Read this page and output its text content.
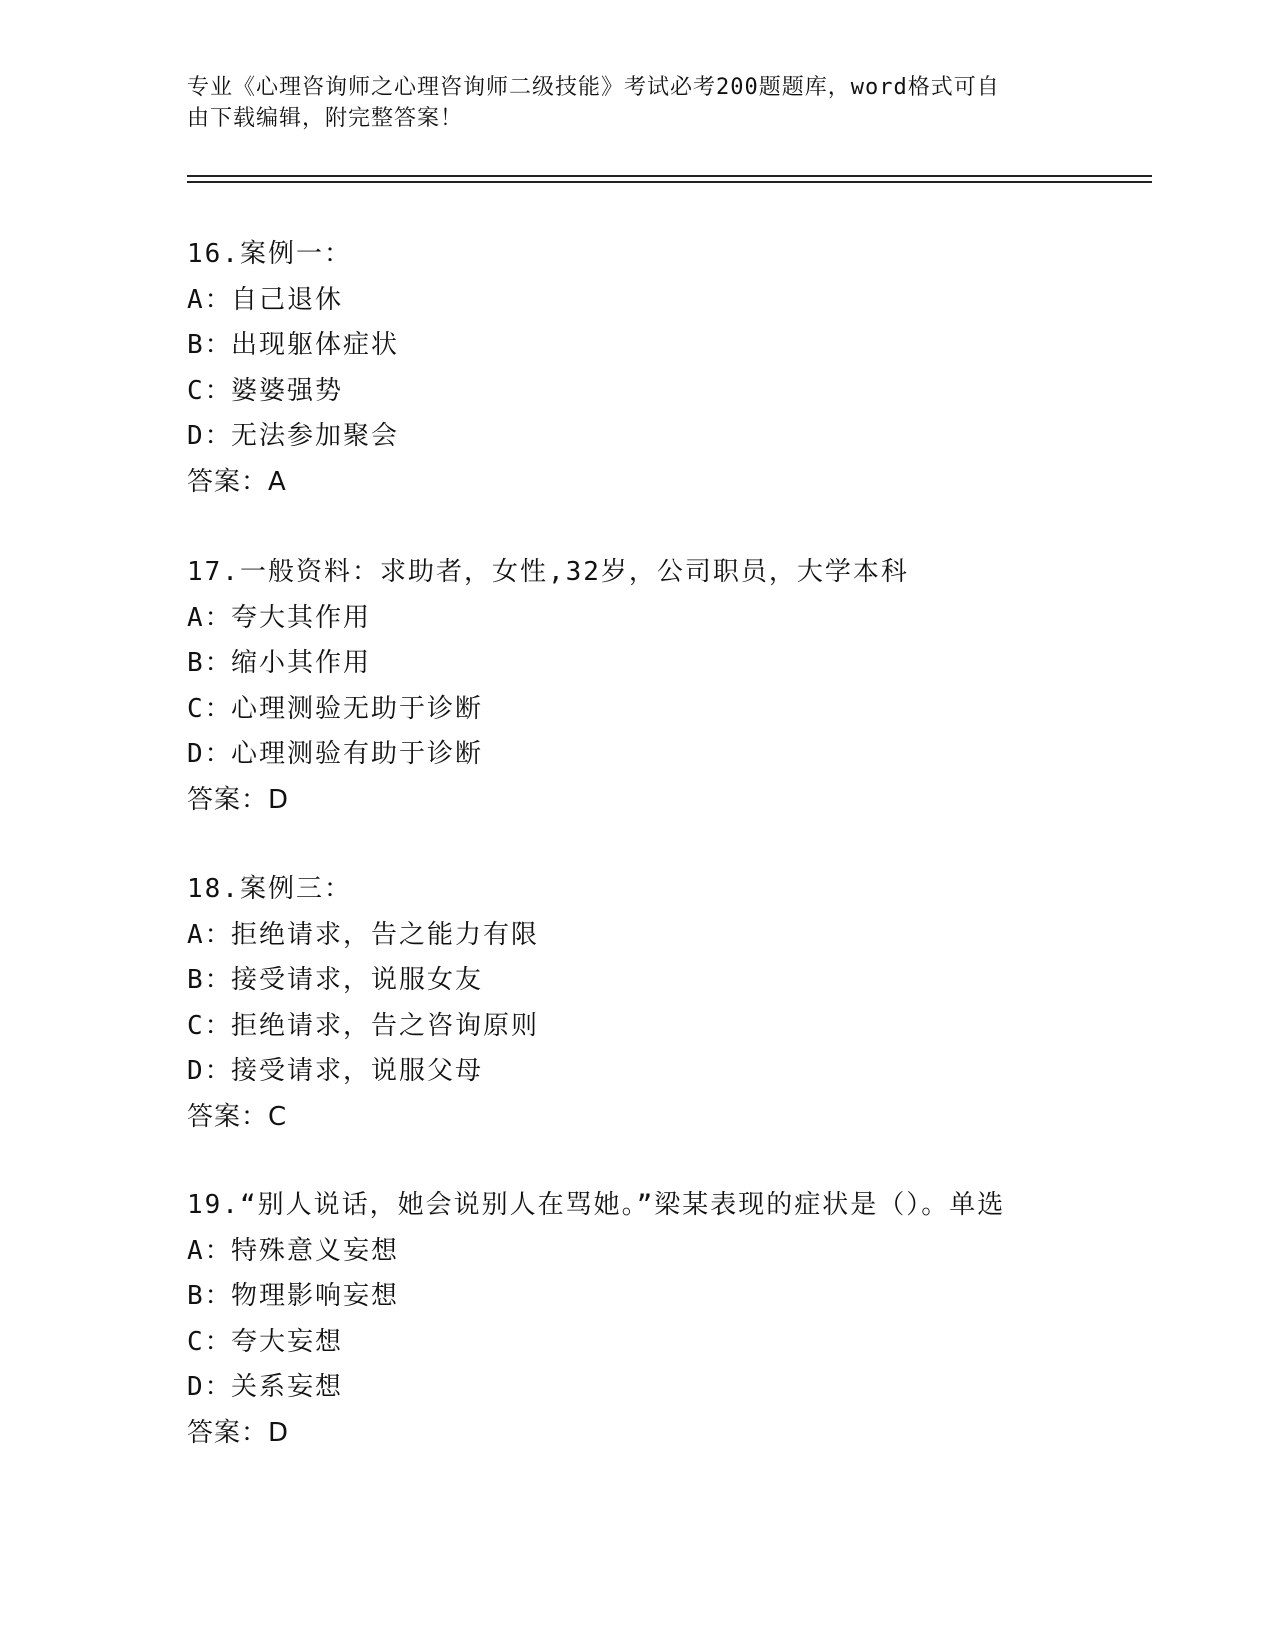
专业《心理咨询师之心理咨询师二级技能》考试必考200题题库，word格式可自
由下载编辑，附完整答案！
16.案例一：
A：自己退休
B：出现躯体症状
C：婆婆强势
D：无法参加聚会
答案：A
17.一般资料：求助者，女性,32岁，公司职员，大学本科
A：夸大其作用
B：缩小其作用
C：心理测验无助于诊断
D：心理测验有助于诊断
答案：D
18.案例三：
A：拒绝请求，告之能力有限
B：接受请求，说服女友
C：拒绝请求，告之咨询原则
D：接受请求，说服父母
答案：C
19.“别人说话，她会说别人在骂她。”梁某表现的症状是（）。单选
A：特殊意义妄想
B：物理影响妄想
C：夸大妄想
D：关系妄想
答案：D
